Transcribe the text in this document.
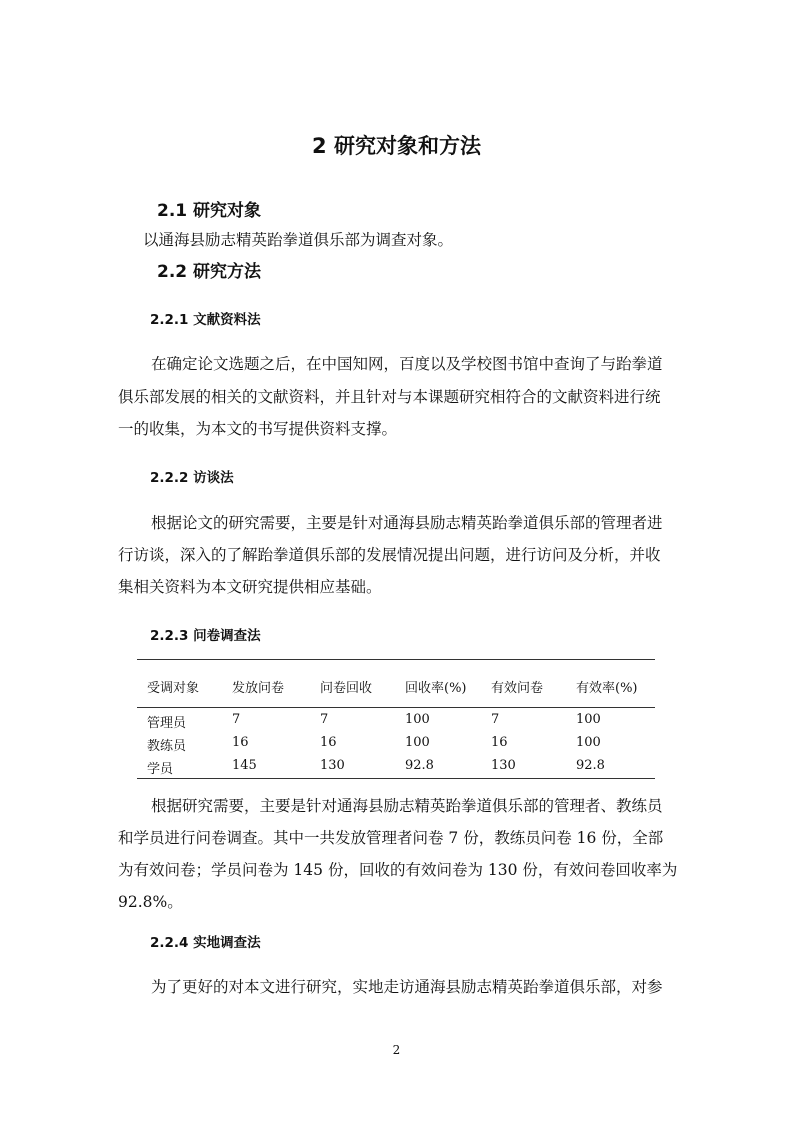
2 研究对象和方法
2.1 研究对象
以通海县励志精英跆拳道俱乐部为调查对象。
2.2 研究方法
2.2.1 文献资料法
在确定论文选题之后，在中国知网，百度以及学校图书馆中查询了与跆拳道
俱乐部发展的相关的文献资料，并且针对与本课题研究相符合的文献资料进行统
一的收集，为本文的书写提供资料支撑。
2.2.2 访谈法
根据论文的研究需要，主要是针对通海县励志精英跆拳道俱乐部的管理者进
行访谈，深入的了解跆拳道俱乐部的发展情况提出问题，进行访问及分析，并收
集相关资料为本文研究提供相应基础。
2.2.3 问卷调查法
受调对象	发放问卷	问卷回收	回收率(%) 有效问卷	有效率(%)
管理员	7	7	100	7	100
教练员	16	16	100	16	100
学员	145	130	92.8	130	92.8
根据研究需要，主要是针对通海县励志精英跆拳道俱乐部的管理者、教练员
和学员进行问卷调查。其中一共发放管理者问卷 7 份，教练员问卷 16 份，全部
为有效问卷；学员问卷为 145 份，回收的有效问卷为 130 份，有效问卷回收率为
92.8%。
2.2.4 实地调查法
为了更好的对本文进行研究，实地走访通海县励志精英跆拳道俱乐部，对参
2
